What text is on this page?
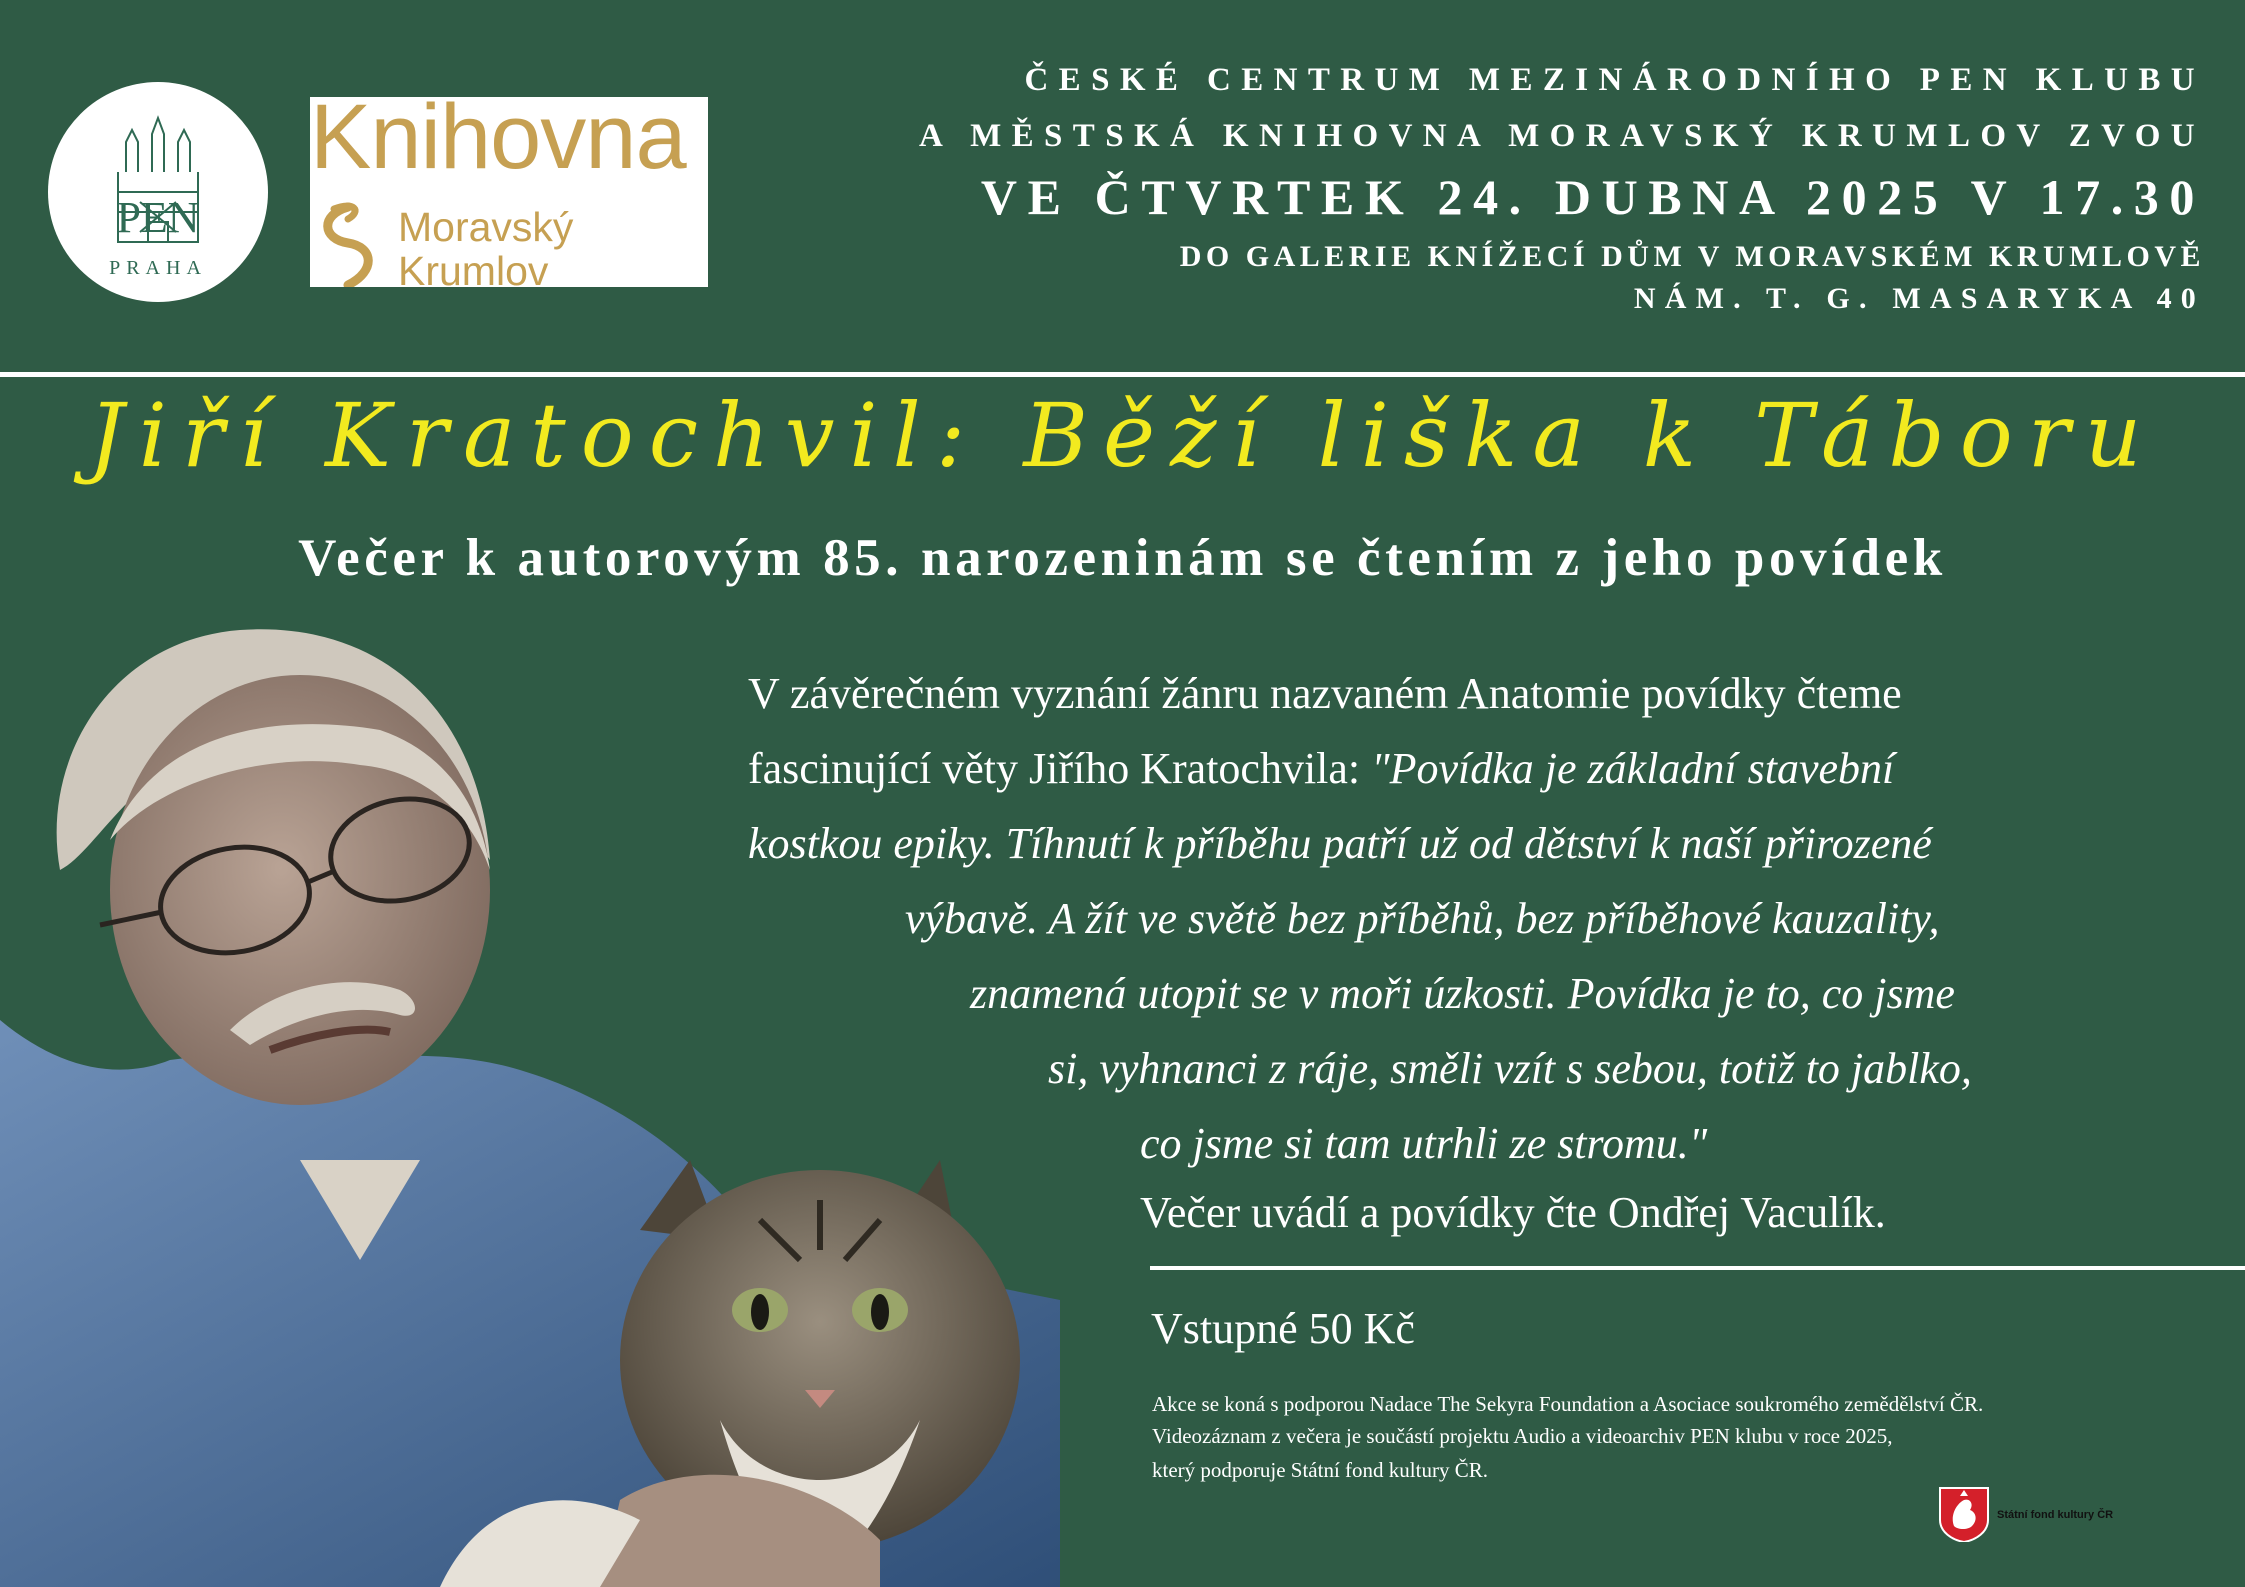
PEN
PRAHA
Knihovna
Moravský
Krumlov
ČESKÉ CENTRUM MEZINÁRODNÍHO PEN KLUBU
A MĚSTSKÁ KNIHOVNA MORAVSKÝ KRUMLOV ZVOU
VE ČTVRTEK 24. DUBNA 2025 V 17.30
DO GALERIE KNÍŽECÍ DŮM V MORAVSKÉM KRUMLOVĚ
NÁM. T. G. MASARYKA 40
Jiří Kratochvil: Běží liška k Táboru
Večer k autorovým 85. narozeninám se čtením z jeho povídek
V závěrečném vyznání žánru nazvaném Anatomie povídky čteme
fascinující věty Jiřího Kratochvila: "Povídka je základní stavební
kostkou epiky. Tíhnutí k příběhu patří už od dětství k naší přirozené
výbavě. A žít ve světě bez příběhů, bez příběhové kauzality,
znamená utopit se v moři úzkosti. Povídka je to, co jsme
si, vyhnanci z ráje, směli vzít s sebou, totiž to jablko,
co jsme si tam utrhli ze stromu."
Večer uvádí a povídky čte Ondřej Vaculík.
Vstupné 50 Kč
Akce se koná s podporou Nadace The Sekyra Foundation a Asociace soukromého zemědělství ČR.
Videozáznam z večera je součástí projektu Audio a videoarchiv PEN klubu v roce 2025,
který podporuje Státní fond kultury ČR.
Státní fond kultury ČR
